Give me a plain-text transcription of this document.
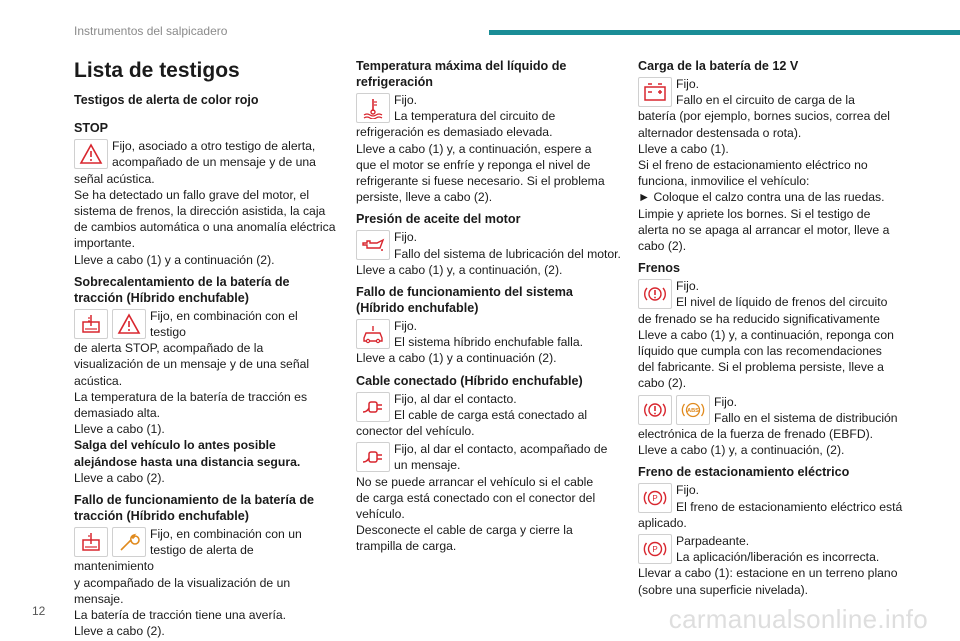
Instrumentos del salpicadero
Lista de testigos
Testigos de alerta de color rojo
STOP

Fijo, asociado a otro testigo de alerta,

acompañado de un mensaje y de una

señal acústica.

Se ha detectado un fallo grave del motor, el

sistema de frenos, la dirección asistida, la caja

de cambios automática o una anomalía eléctrica

importante.

Lleve a cabo (1) y a continuación (2).

Sobrecalentamiento de la batería de
tracción (Híbrido enchufable)

Fijo, en combinación con el testigo

de alerta STOP, acompañado de la

visualización de un mensaje y de una señal

acústica.

La temperatura de la batería de tracción es

demasiado alta.

Lleve a cabo (1).

Salga del vehículo lo antes posible

alejándose hasta una distancia segura.

Lleve a cabo (2).

Fallo de funcionamiento de la batería de
tracción (Híbrido enchufable)

Fijo, en combinación con un

testigo de alerta de mantenimiento

y acompañado de la visualización de un

mensaje.

La batería de tracción tiene una avería.

Lleve a cabo (2).

Temperatura máxima del líquido de
refrigeración

Fijo.

La temperatura del circuito de

refrigeración es demasiado elevada.

Lleve a cabo (1) y, a continuación, espere a

que el motor se enfríe y reponga el nivel de

refrigerante si fuese necesario. Si el problema

persiste, lleve a cabo (2).

Presión de aceite del motor

Fijo.

Fallo del sistema de lubricación del motor.

Lleve a cabo (1) y, a continuación, (2).

Fallo de funcionamiento del sistema
(Híbrido enchufable)

Fijo.

El sistema híbrido enchufable falla.

Lleve a cabo (1) y a continuación (2).

Cable conectado (Híbrido enchufable)

Fijo, al dar el contacto.

El cable de carga está conectado al

conector del vehículo.

Fijo, al dar el contacto, acompañado de

un mensaje.

No se puede arrancar el vehículo si el cable

de carga está conectado con el conector del

vehículo.

Desconecte el cable de carga y cierre la

trampilla de carga.

Carga de la batería de 12 V

Fijo.

Fallo en el circuito de carga de la

batería (por ejemplo, bornes sucios, correa del

alternador destensada o rota).

Lleve a cabo (1).

Si el freno de estacionamiento eléctrico no

funciona, inmovilice el vehículo:

► Coloque el calzo contra una de las ruedas.

Limpie y apriete los bornes. Si el testigo de

alerta no se apaga al arrancar el motor, lleve a

cabo (2).

Frenos

Fijo.

El nivel de líquido de frenos del circuito

de frenado se ha reducido significativamente

Lleve a cabo (1) y, a continuación, reponga con

líquido que cumpla con las recomendaciones

del fabricante. Si el problema persiste, lleve a

cabo (2).

ABS

Fijo.

Fallo en el sistema de distribución

electrónica de la fuerza de frenado (EBFD).

Lleve a cabo (1) y, a continuación, (2).

Freno de estacionamiento eléctrico
P

Fijo.

El freno de estacionamiento eléctrico está

aplicado.

P

Parpadeante.

La aplicación/liberación es incorrecta.

Llevar a cabo (1): estacione en un terreno plano

(sobre una superficie nivelada).

12	carmanualsonline.info
